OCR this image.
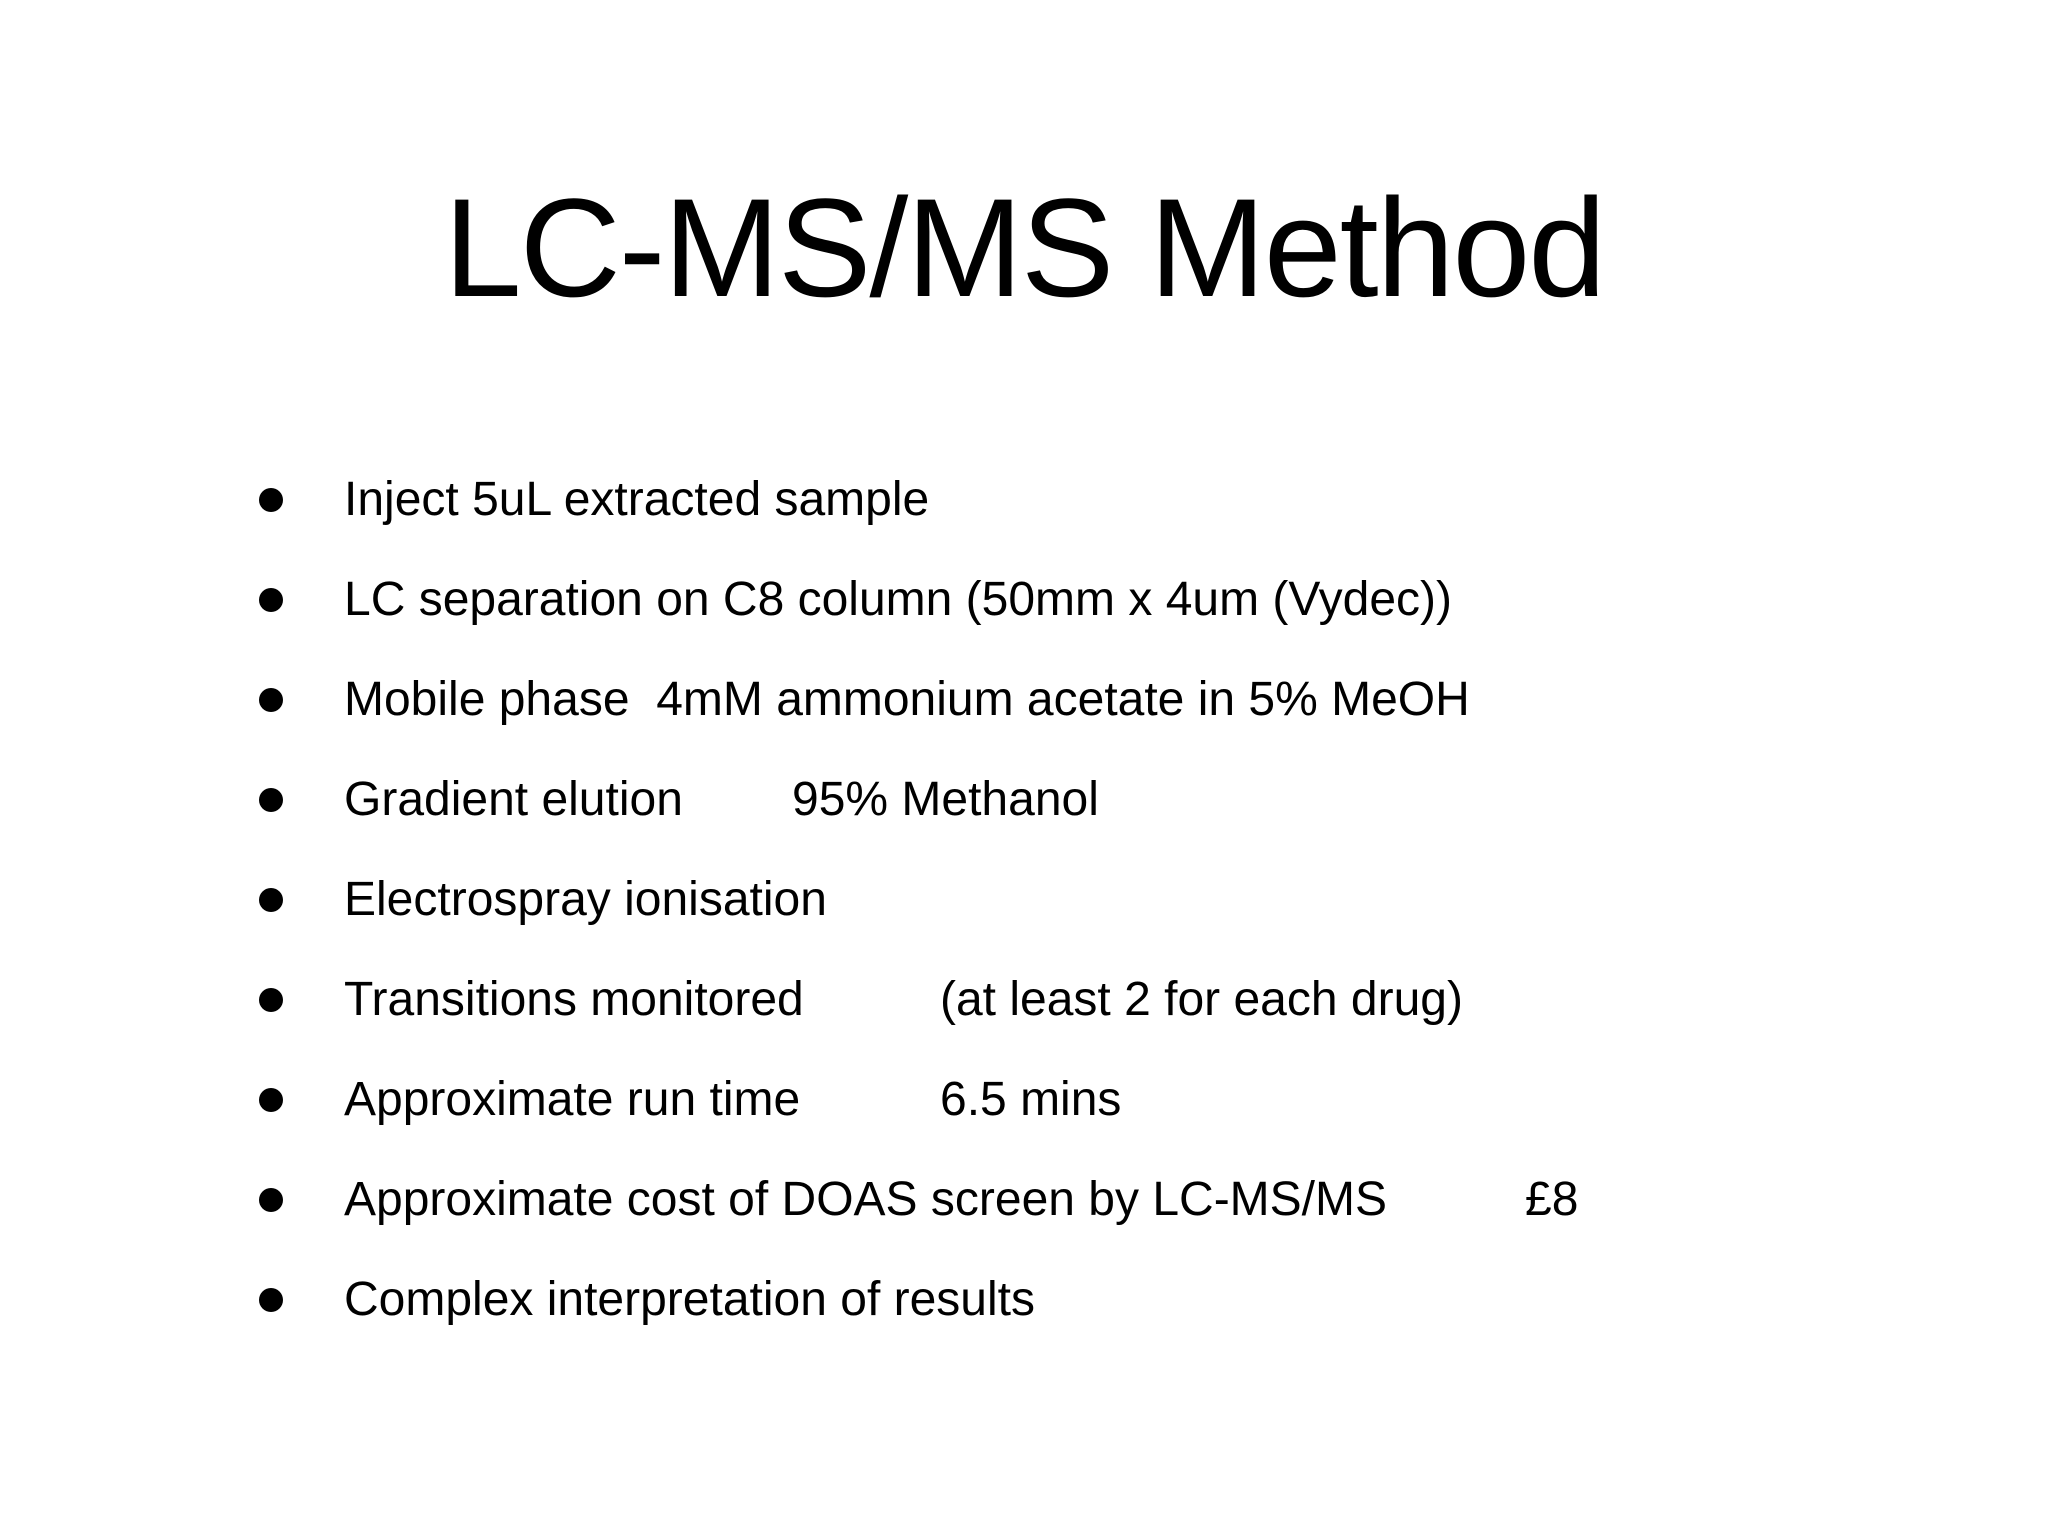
LC-MS/MS Method
Inject 5uL extracted sample
LC separation on C8 column (50mm x 4um (Vydec))
Mobile phase  4mM ammonium acetate in 5% MeOH
Gradient elution 95% Methanol
Electrospray ionisation
Transitions monitored	(at least 2 for each drug)
Approximate run time	6.5 mins
Approximate cost of DOAS screen by LC-MS/MS	£8
Complex interpretation of results
